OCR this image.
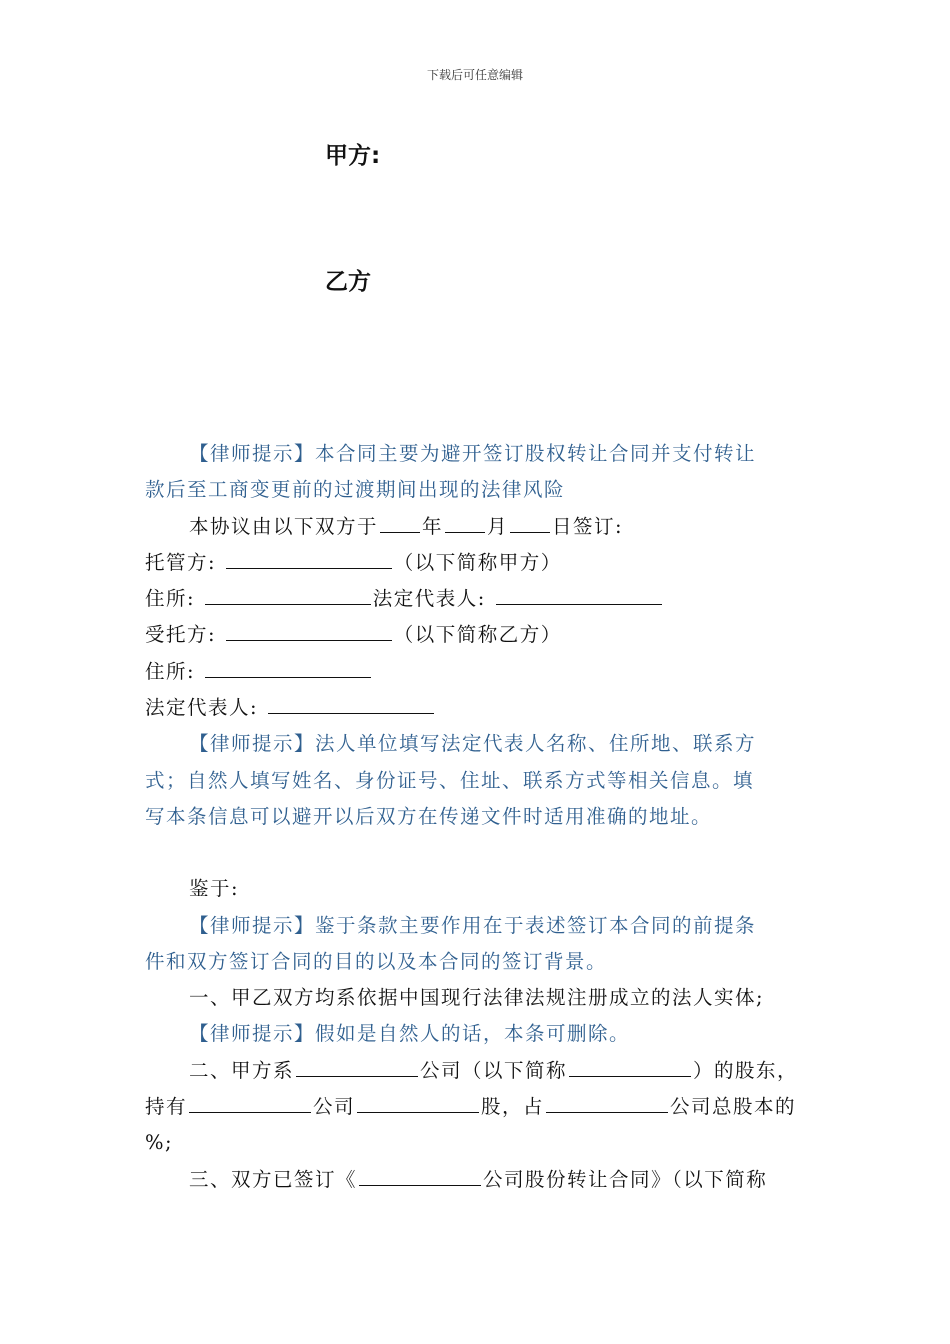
下载后可任意编辑
甲方:
乙方
【律师提示】本合同主要为避开签订股权转让合同并支付转让
款后至工商变更前的过渡期间出现的法律风险
本协议由以下双方于 年 月 日签订:
托管方:	（以下简称甲方）
住所:	法定代表人:
受托方:	（以下简称乙方）
住所:
法定代表人:
【律师提示】法人单位填写法定代表人名称、住所地、联系方
式；自然人填写姓名、身份证号、住址、联系方式等相关信息。填
写本条信息可以避开以后双方在传递文件时适用准确的地址。
鉴于:
【律师提示】鉴于条款主要作用在于表述签订本合同的前提条
件和双方签订合同的目的以及本合同的签订背景。
一、甲乙双方均系依据中国现行法律法规注册成立的法人实体;
【律师提示】假如是自然人的话，本条可删除。
二、甲方系	公司（以下简称	）的股东，
持有	公司	股，占	公司总股本的
%;
三、双方已签订《	公司股份转让合同》（以下简称
